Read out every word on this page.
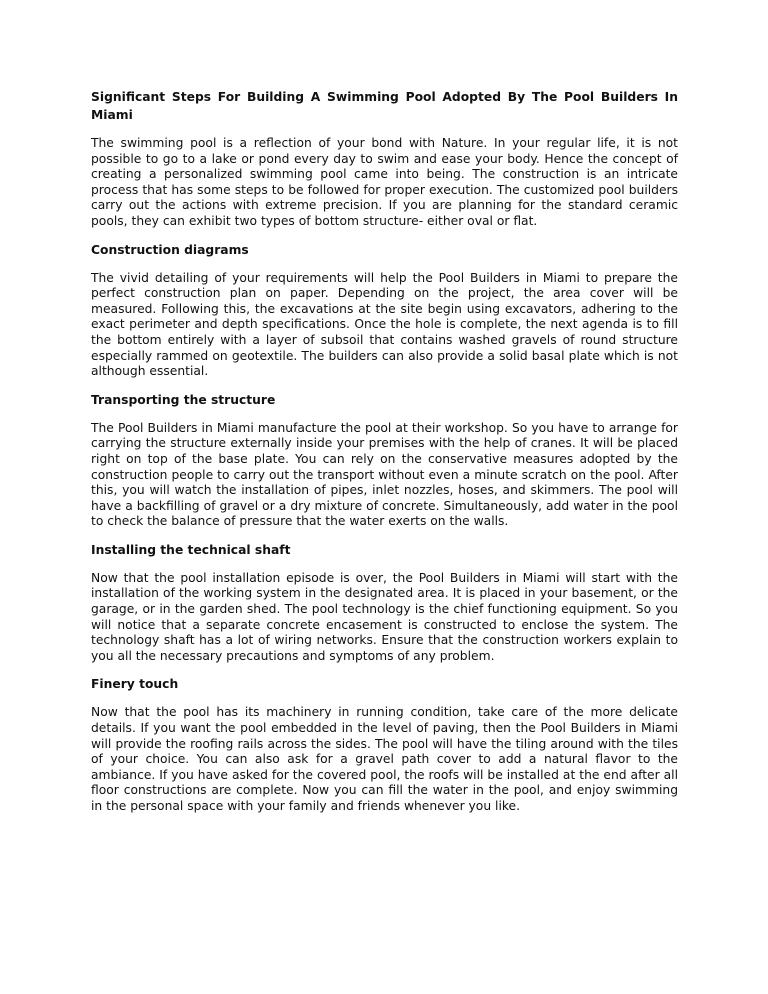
Significant Steps For Building A Swimming Pool Adopted By The Pool Builders In Miami
The swimming pool is a reflection of your bond with Nature. In your regular life, it is not possible to go to a lake or pond every day to swim and ease your body. Hence the concept of creating a personalized swimming pool came into being. The construction is an intricate process that has some steps to be followed for proper execution. The customized pool builders carry out the actions with extreme precision. If you are planning for the standard ceramic pools, they can exhibit two types of bottom structure- either oval or flat.
Construction diagrams
The vivid detailing of your requirements will help the Pool Builders in Miami to prepare the perfect construction plan on paper. Depending on the project, the area cover will be measured. Following this, the excavations at the site begin using excavators, adhering to the exact perimeter and depth specifications. Once the hole is complete, the next agenda is to fill the bottom entirely with a layer of subsoil that contains washed gravels of round structure especially rammed on geotextile. The builders can also provide a solid basal plate which is not although essential.
Transporting the structure
The Pool Builders in Miami manufacture the pool at their workshop. So you have to arrange for carrying the structure externally inside your premises with the help of cranes. It will be placed right on top of the base plate. You can rely on the conservative measures adopted by the construction people to carry out the transport without even a minute scratch on the pool. After this, you will watch the installation of pipes, inlet nozzles, hoses, and skimmers. The pool will have a backfilling of gravel or a dry mixture of concrete. Simultaneously, add water in the pool to check the balance of pressure that the water exerts on the walls.
Installing the technical shaft
Now that the pool installation episode is over, the Pool Builders in Miami will start with the installation of the working system in the designated area. It is placed in your basement, or the garage, or in the garden shed. The pool technology is the chief functioning equipment. So you will notice that a separate concrete encasement is constructed to enclose the system. The technology shaft has a lot of wiring networks. Ensure that the construction workers explain to you all the necessary precautions and symptoms of any problem.
Finery touch
Now that the pool has its machinery in running condition, take care of the more delicate details. If you want the pool embedded in the level of paving, then the Pool Builders in Miami will provide the roofing rails across the sides. The pool will have the tiling around with the tiles of your choice. You can also ask for a gravel path cover to add a natural flavor to the ambiance. If you have asked for the covered pool, the roofs will be installed at the end after all floor constructions are complete. Now you can fill the water in the pool, and enjoy swimming in the personal space with your family and friends whenever you like.
